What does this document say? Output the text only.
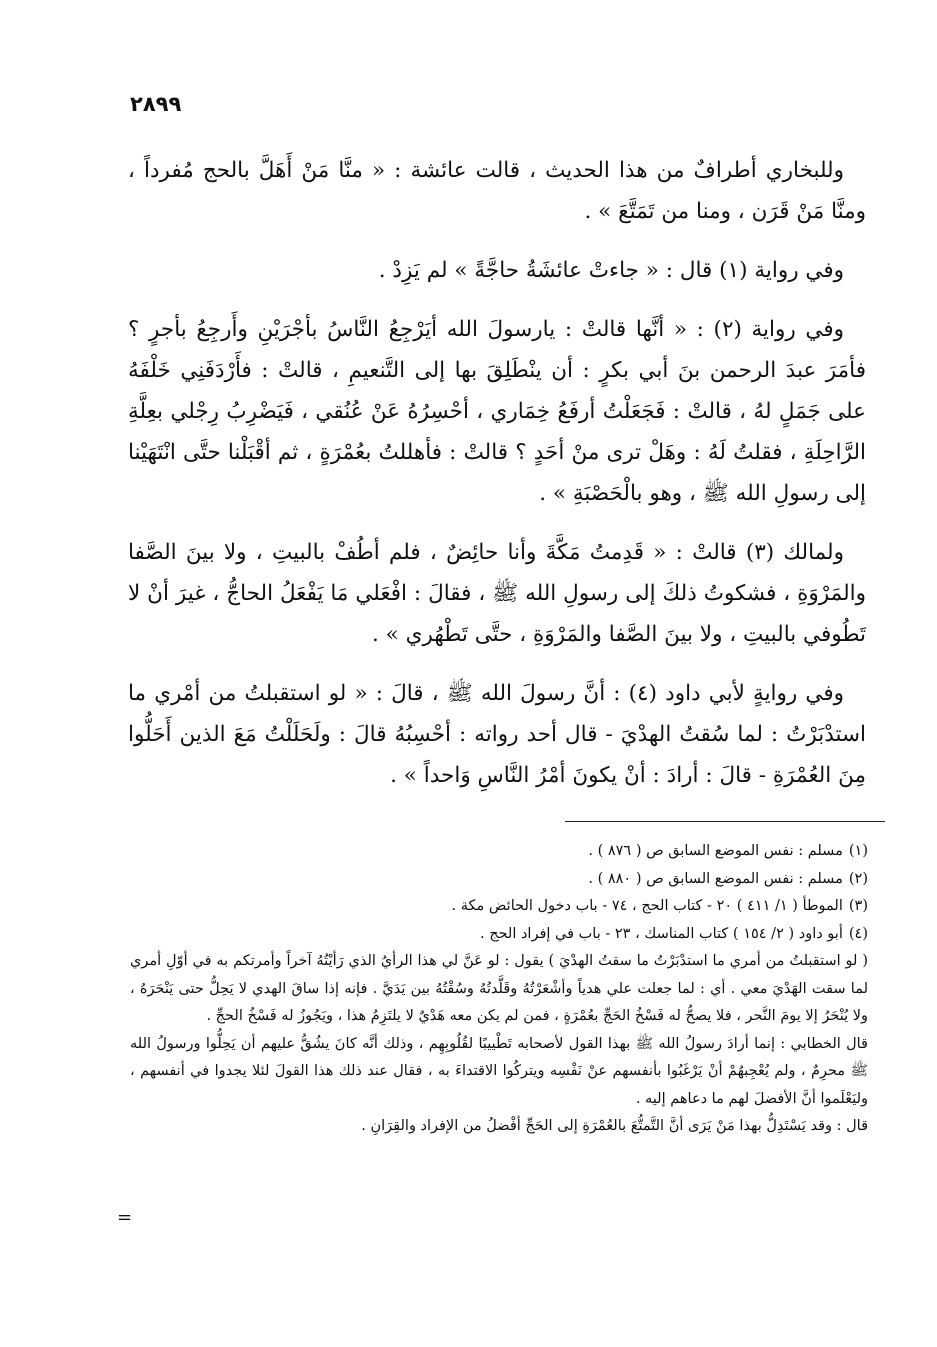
٢٨٩٩

وللبخاري أطرافٌ من هذا الحديث ، قالت عائشة : « منَّا مَنْ أَهَلَّ بالحج مُفرداً ، ومنَّا مَنْ قَرَن ، ومنا من تَمَتَّعَ » .

وفي رواية (١) قال : « جاءتْ عائشَةُ حاجَّةً » لم يَزِدْ .

وفي رواية (٢) : « أنَّها قالتْ : يارسولَ الله أيَرْجِعُ النَّاسُ بأجْرَيْنِ وأَرجِعُ بأجرٍ ؟ فأمَرَ عبدَ الرحمن بنَ أبي بكرٍ : أن ينْطَلِقَ بها إلى التَّنعيمِ ، قالتْ : فأَرْدَفَنِي خَلْفَهُ على جَمَلٍ لهُ ، قالتْ : فَجَعَلْتُ أرفَعُ خِمَاري ، أحْسِرُهُ عَنْ عُنُقي ، فَيَضْرِبُ رِجْلي بعِلَّةِ الرَّاحِلَةِ ، فقلتُ لَهُ : وهَلْ ترى منْ أحَدٍ ؟ قالتْ : فأهللتُ بعُمْرَةٍ ، ثم أقْبَلْنا حتَّى انْتَهَيْنا إلى رسولِ الله ﷺ ، وهو بالْحَصْبَةِ » .

ولمالك (٣) قالتْ : « قَدِمتُ مَكَّةَ وأنا حائِضٌ ، فلم أطُفْ بالبيتِ ، ولا بينَ الصَّفا والمَرْوَةِ ، فشكوتُ ذلكَ إلى رسولِ الله ﷺ ، فقالَ : افْعَلي مَا يَفْعَلُ الحاجُّ ، غيرَ أنْ لا تَطُوفي بالبيتِ ، ولا بينَ الصَّفا والمَرْوَةِ ، حتَّى تَطْهُري » .

وفي روايةٍ لأبي داود (٤) : أنَّ رسولَ الله ﷺ ، قالَ : « لو استقبلتُ من أمْري ما استدْبَرْتُ : لما سُقتُ الهدْيَ - قال أحد رواته : أحْسِبُهُ قالَ : ولَحَلَلْتُ مَعَ الذين أَحَلُّوا مِنَ العُمْرَةِ - قالَ : أرادَ : أنْ يكونَ أمْرُ النَّاسِ وَاحداً » .

(١)مسلم : نفس الموضع السابق ص ( ٨٧٦ ) .

(٢)مسلم : نفس الموضع السابق ص ( ٨٨٠ ) .

(٣)الموطأ ( ١/ ٤١١ ) ٢٠ - كتاب الحج ، ٧٤ - باب دخول الحائض مكة .

(٤)أبو داود ( ٢/ ١٥٤ ) كتاب المناسك ، ٢٣ - باب في إفراد الحج .

( لو استقبلتُ من أمري ما استدْبَرْتُ ما سقتُ الهدْيَ ) يقول : لو عَنَّ لي هذا الرأيُ الذي رَأيْتُهُ آخراً وأمرتكم به في أوّلِ أمري لما سقت الهَدْيَ معي . أي : لما جعلت علي هدياً وأشْعَرْتُهُ وقَلَّدتُهُ وسُقْتُهُ بين يَدَيَّ . فإنه إذا ساقَ الهدي لا يَحِلُّ حتى يَنْحَرَهُ ، ولا يُنْحَرُ إلا يومَ النَّحر ، فلا يصحُّ له فَسْخُ الحَجِّ بعُمْرَةٍ ، فمن لم يكن معه هَدْيٌ لا يلتَزِمُ هذا ، ويَجُوزُ له فَسْخُ الحجِّ .

قال الخطابي : إنما أرادَ رسولُ الله ﷺ بهذا القول لأصحابه تَطْييبًا لقُلُوبِهِم ، وذلك أنَّه كانَ يشُقُّ عليهم أن يَحِلُّوا ورسولُ الله ﷺ محرِمٌ ، ولم يُعْجِبهُمْ أنْ يَرْغَبُوا بأنفسهم عنْ نَفْسِه ويتركُوا الاقتداءَ به ، فقال عند ذلك هذا القولَ لئلا يجدوا في أنفسهم ، وليَعْلَموا أنَّ الأفضلَ لهم ما دعاهم إليه .

قال : وقد يَسْتَدِلُّ بهذا مَنْ يَرَى أنَّ التَّمتُّعَ بالعُمْرَةِ إلى الحَجِّ أفْضلُ من الإفراد والقِرَانِ .

=
